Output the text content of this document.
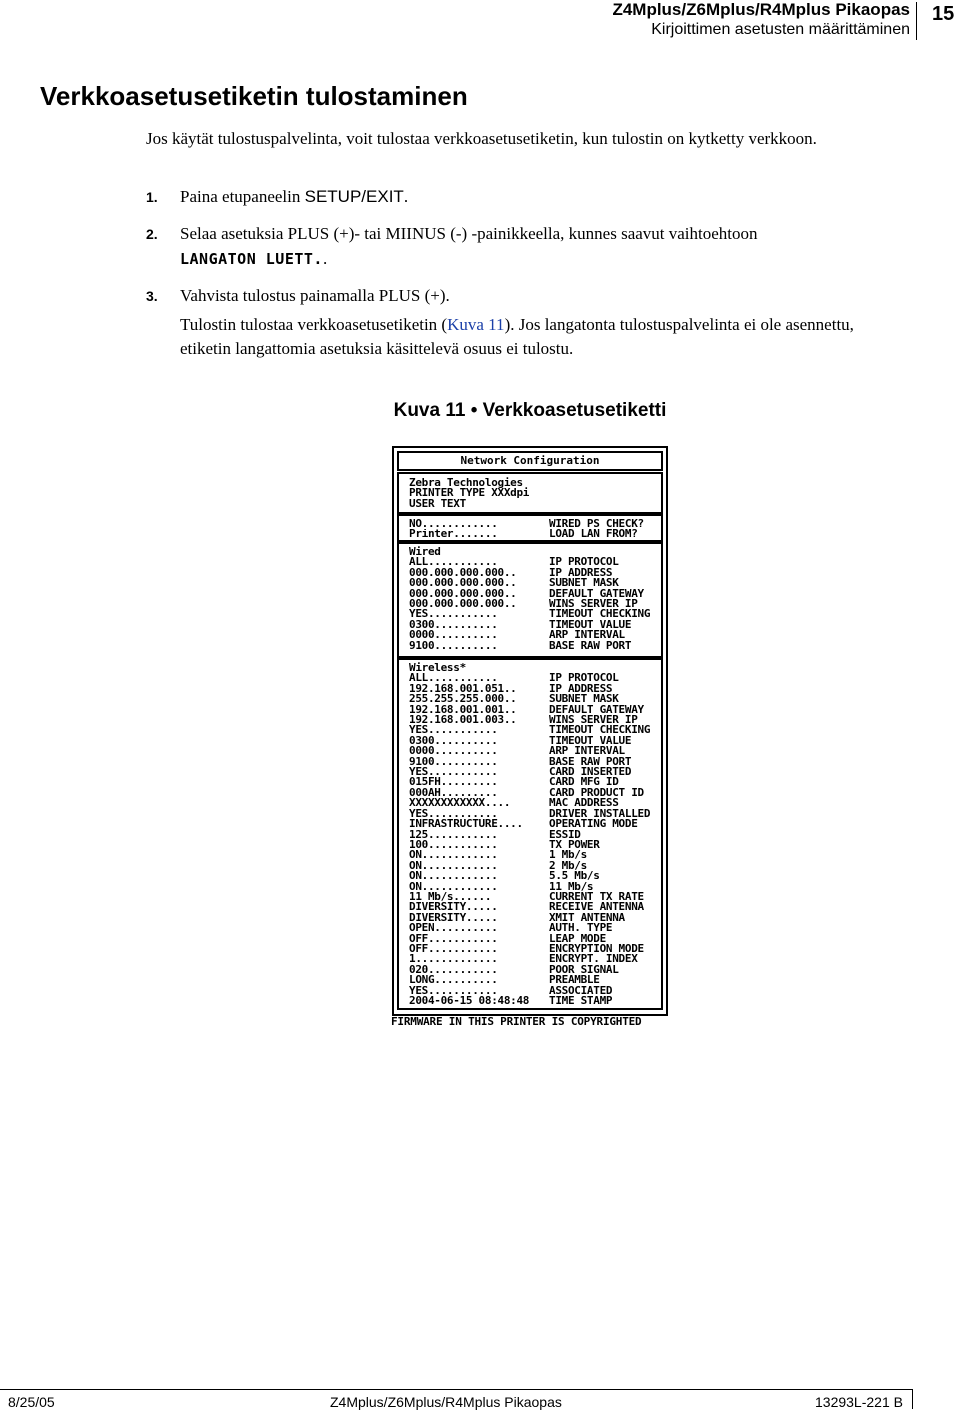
Z4Mplus/Z6Mplus/R4Mplus Pikaopas
Kirjoittimen asetusten määrittäminen
15
Verkkoasetusetiketin tulostaminen
Jos käytät tulostuspalvelinta, voit tulostaa verkkoasetusetiketin, kun tulostin on kytketty verkkoon.
1. Paina etupaneelin SETUP/EXIT.
2. Selaa asetuksia PLUS (+)- tai MIINUS (-) -painikkeella, kunnes saavut vaihtoehtoon
LANGATON LUETT..
3. Vahvista tulostus painamalla PLUS (+).
Tulostin tulostaa verkkoasetusetiketin (Kuva 11). Jos langatonta tulostuspalvelinta ei ole asennettu, etiketin langattomia asetuksia käsittelevä osuus ei tulostu.
Kuva 11 • Verkkoasetusetiketti
Network Configuration
Zebra Technologies
PRINTER TYPE XXXdpi
USER TEXT
NO............	WIRED PS CHECK?
Printer.......	LOAD LAN FROM?
Wired
ALL...........	IP PROTOCOL
000.000.000.000..	IP ADDRESS
000.000.000.000..	SUBNET MASK
000.000.000.000..	DEFAULT GATEWAY
000.000.000.000..	WINS SERVER IP
YES...........	TIMEOUT CHECKING
0300..........	TIMEOUT VALUE
0000..........	ARP INTERVAL
9100..........	BASE RAW PORT
Wireless*
ALL...........	IP PROTOCOL
192.168.001.051..	IP ADDRESS
255.255.255.000..	SUBNET MASK
192.168.001.001..	DEFAULT GATEWAY
192.168.001.003..	WINS SERVER IP
YES...........	TIMEOUT CHECKING
0300..........	TIMEOUT VALUE
0000..........	ARP INTERVAL
9100..........	BASE RAW PORT
YES...........	CARD INSERTED
015FH.........	CARD MFG ID
000AH.........	CARD PRODUCT ID
XXXXXXXXXXXX....	MAC ADDRESS
YES...........	DRIVER INSTALLED
INFRASTRUCTURE....	OPERATING MODE
125...........	ESSID
100...........	TX POWER
ON............	1 Mb/s
ON............	2 Mb/s
ON............	5.5 Mb/s
ON............	11 Mb/s
11 Mb/s......	CURRENT TX RATE
DIVERSITY.....	RECEIVE ANTENNA
DIVERSITY.....	XMIT ANTENNA
OPEN..........	AUTH. TYPE
OFF...........	LEAP MODE
OFF...........	ENCRYPTION MODE
1.............	ENCRYPT. INDEX
020...........	POOR SIGNAL
LONG..........	PREAMBLE
YES...........	ASSOCIATED
2004-06-15 08:48:48	TIME STAMP
FIRMWARE IN THIS PRINTER IS COPYRIGHTED
8/25/05	Z4Mplus/Z6Mplus/R4Mplus Pikaopas	13293L-221 B
